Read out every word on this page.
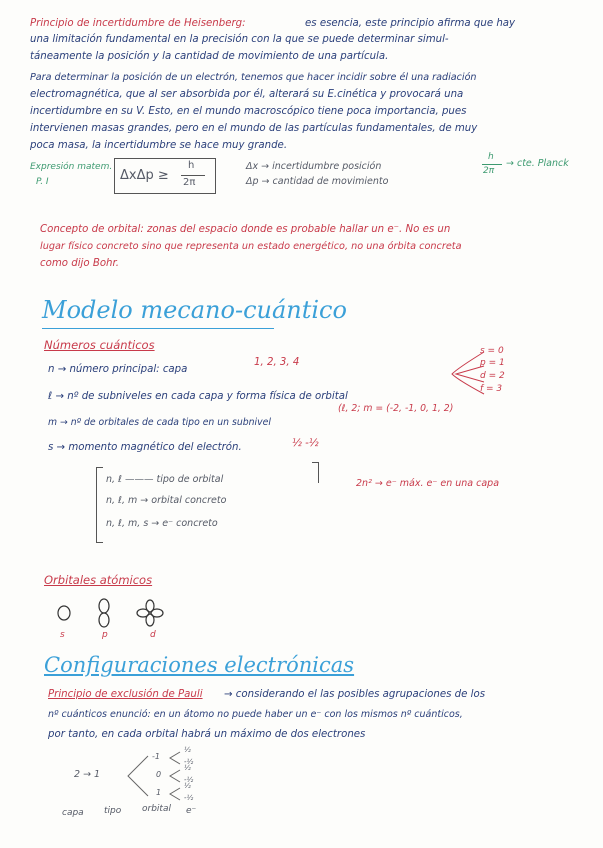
Principio de incertidumbre de Heisenberg:	es esencia, este principio afirma que hay
una limitación fundamental en la precisión con la que se puede determinar simul-
táneamente la posición y la cantidad de movimiento de una partícula.
Para determinar la posición de un electrón, tenemos que hacer incidir sobre él una radiación
electromagnética, que al ser absorbida por él, alterará su E.cinética y provocará una
incertidumbre en su V. Esto, en el mundo macroscópico tiene poca importancia, pues
intervienen masas grandes, pero en el mundo de las partículas fundamentales, de muy
poca masa, la incertidumbre se hace muy grande.
Expresión matem.
P. I	ΔxΔp ≥
h
2π
Δx → incertidumbre posición
Δp → cantidad de movimiento
h
2π
→ cte. Planck
Concepto de orbital: zonas del espacio donde es probable hallar un e⁻. No es un
lugar físico concreto sino que representa un estado energético, no una órbita concreta
como dijo Bohr.
Modelo mecano-cuántico
Números cuánticos
n → número principal: capa
1, 2, 3, 4
ℓ → nº de subniveles en cada capa y forma física de orbital
s = 0
p = 1
d = 2
f = 3
m → nº de orbitales de cada tipo en un subnivel
(ℓ, 2; m = (-2, -1, 0, 1, 2)
s → momento magnético del electrón.	½ -½
n, ℓ ——— tipo de orbital
n, ℓ, m → orbital concreto
n, ℓ, m, s → e⁻ concreto
2n² → e⁻ máx. e⁻ en una capa
Orbitales atómicos
s	p	d
Configuraciones electrónicas
Principio de exclusión de Pauli → considerando el las posibles agrupaciones de los
nº cuánticos enunció: en un átomo no puede haber un e⁻ con los mismos nº cuánticos,
por tanto, en cada orbital habrá un máximo de dos electrones
2 → 1
-1
0
1
½
-½
½
-½
½
-½
capa tipo orbital e⁻
